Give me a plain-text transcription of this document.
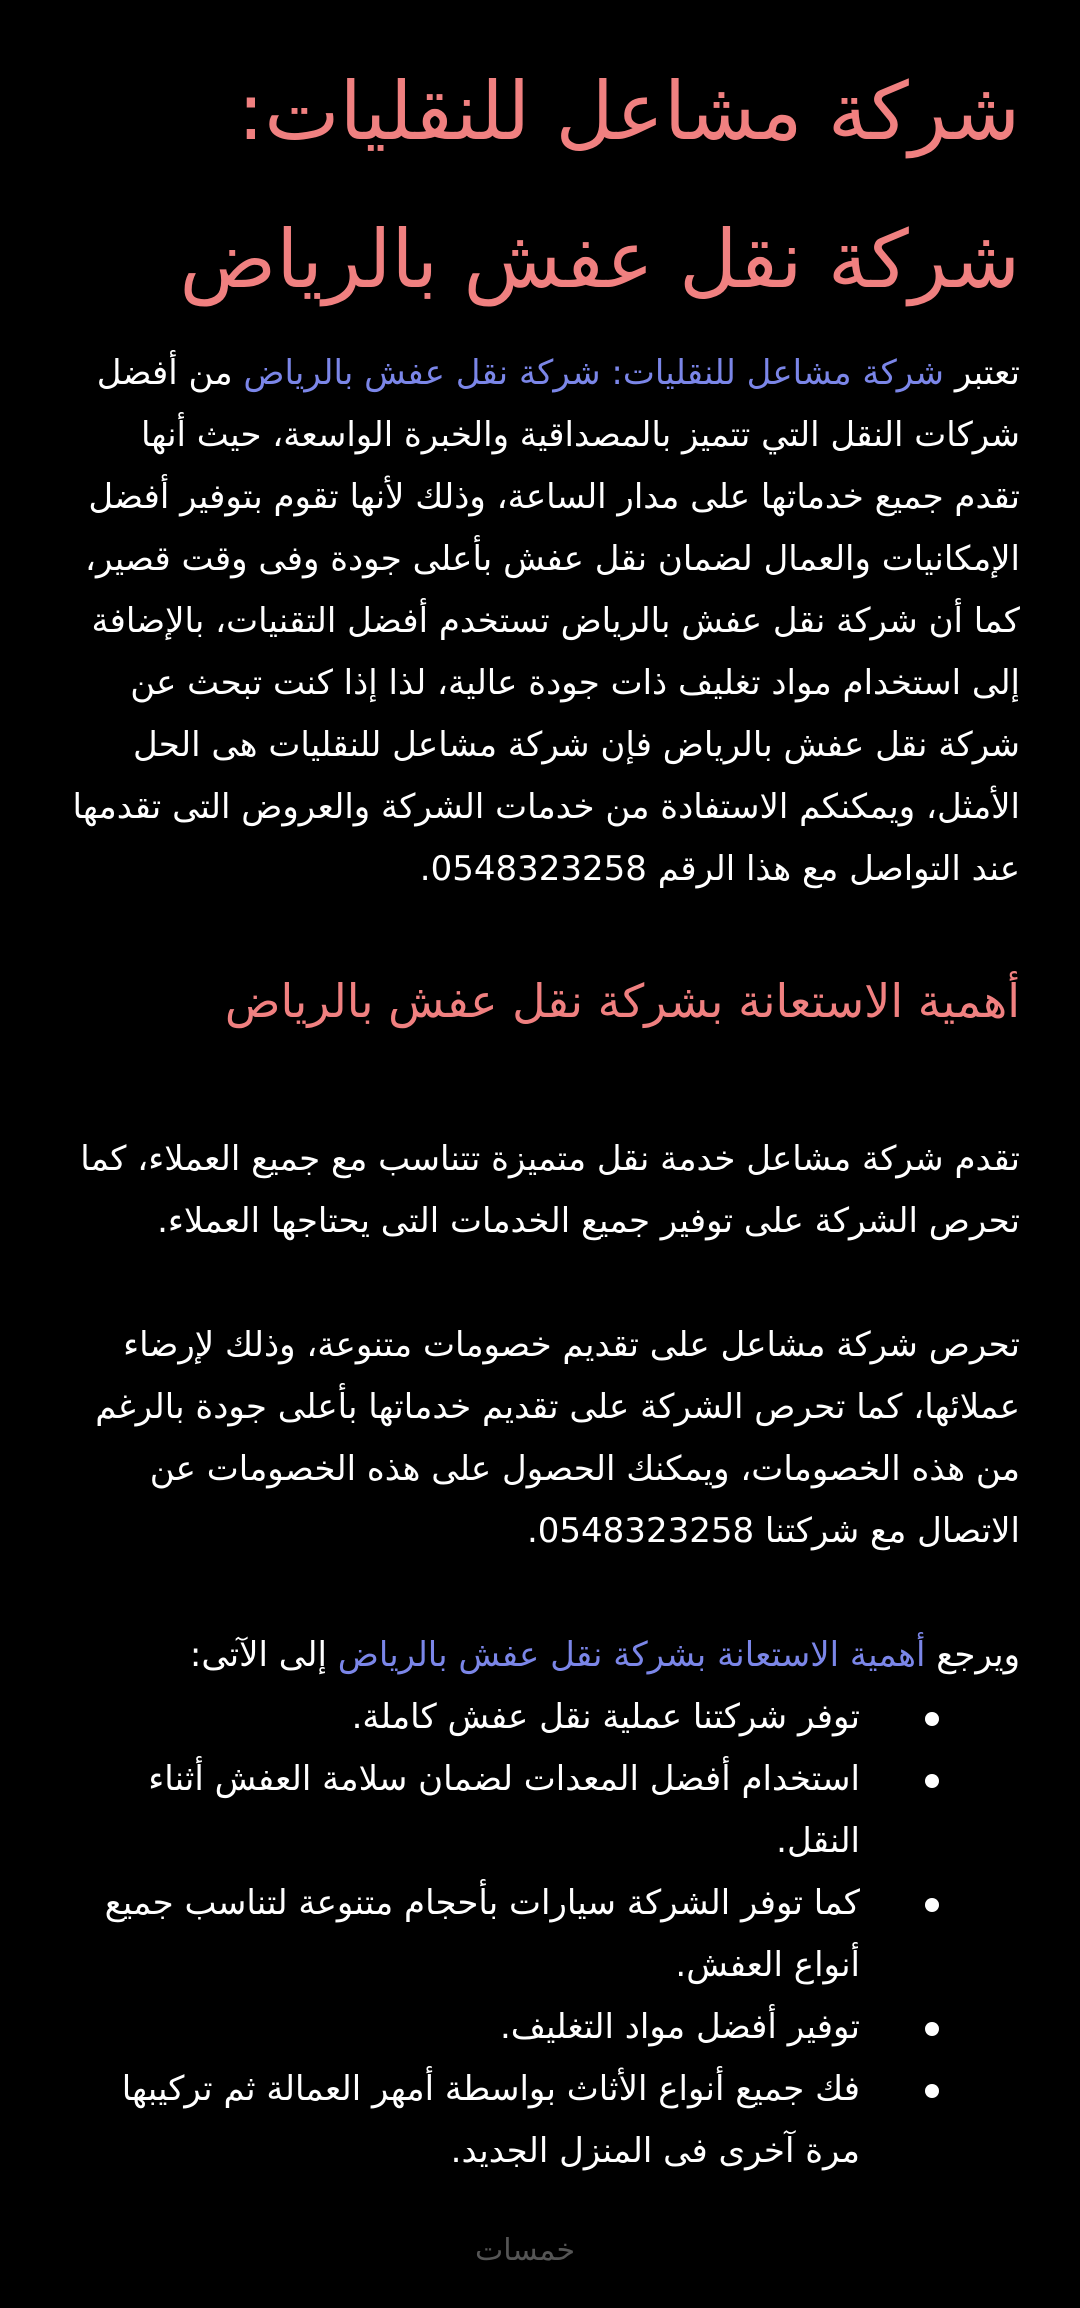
شركة مشاعل للنقليات:
شركة نقل عفش بالرياض

تعتبر شركة مشاعل للنقليات: شركة نقل عفش بالرياض من أفضل شركات النقل التي تتميز بالمصداقية والخبرة الواسعة، حيث أنها تقدم جميع خدماتها على مدار الساعة، وذلك لأنها تقوم بتوفير أفضل الإمكانيات والعمال لضمان نقل عفش بأعلى جودة وفى وقت قصير، كما أن شركة نقل عفش بالرياض تستخدم أفضل التقنيات، بالإضافة إلى استخدام مواد تغليف ذات جودة عالية، لذا إذا كنت تبحث عن شركة نقل عفش بالرياض فإن شركة مشاعل للنقليات هى الحل الأمثل، ويمكنكم الاستفادة من خدمات الشركة والعروض التى تقدمها عند التواصل مع هذا الرقم 0548323258.

أهمية الاستعانة بشركة نقل عفش بالرياض

تقدم شركة مشاعل خدمة نقل متميزة تتناسب مع جميع العملاء، كما تحرص الشركة على توفير جميع الخدمات التى يحتاجها العملاء.

تحرص شركة مشاعل على تقديم خصومات متنوعة، وذلك لإرضاء عملائها، كما تحرص الشركة على تقديم خدماتها بأعلى جودة بالرغم من هذه الخصومات، ويمكنك الحصول على هذه الخصومات عن الاتصال مع شركتنا 0548323258.

ويرجع أهمية الاستعانة بشركة نقل عفش بالرياض إلى الآتى:

توفر شركتنا عملية نقل عفش كاملة.
استخدام أفضل المعدات لضمان سلامة العفش أثناء النقل.
كما توفر الشركة سيارات بأحجام متنوعة لتناسب جميع أنواع العفش.
توفير أفضل مواد التغليف.
فك جميع أنواع الأثاث بواسطة أمهر العمالة ثم تركيبها مرة آخرى فى المنزل الجديد.
خمسات
